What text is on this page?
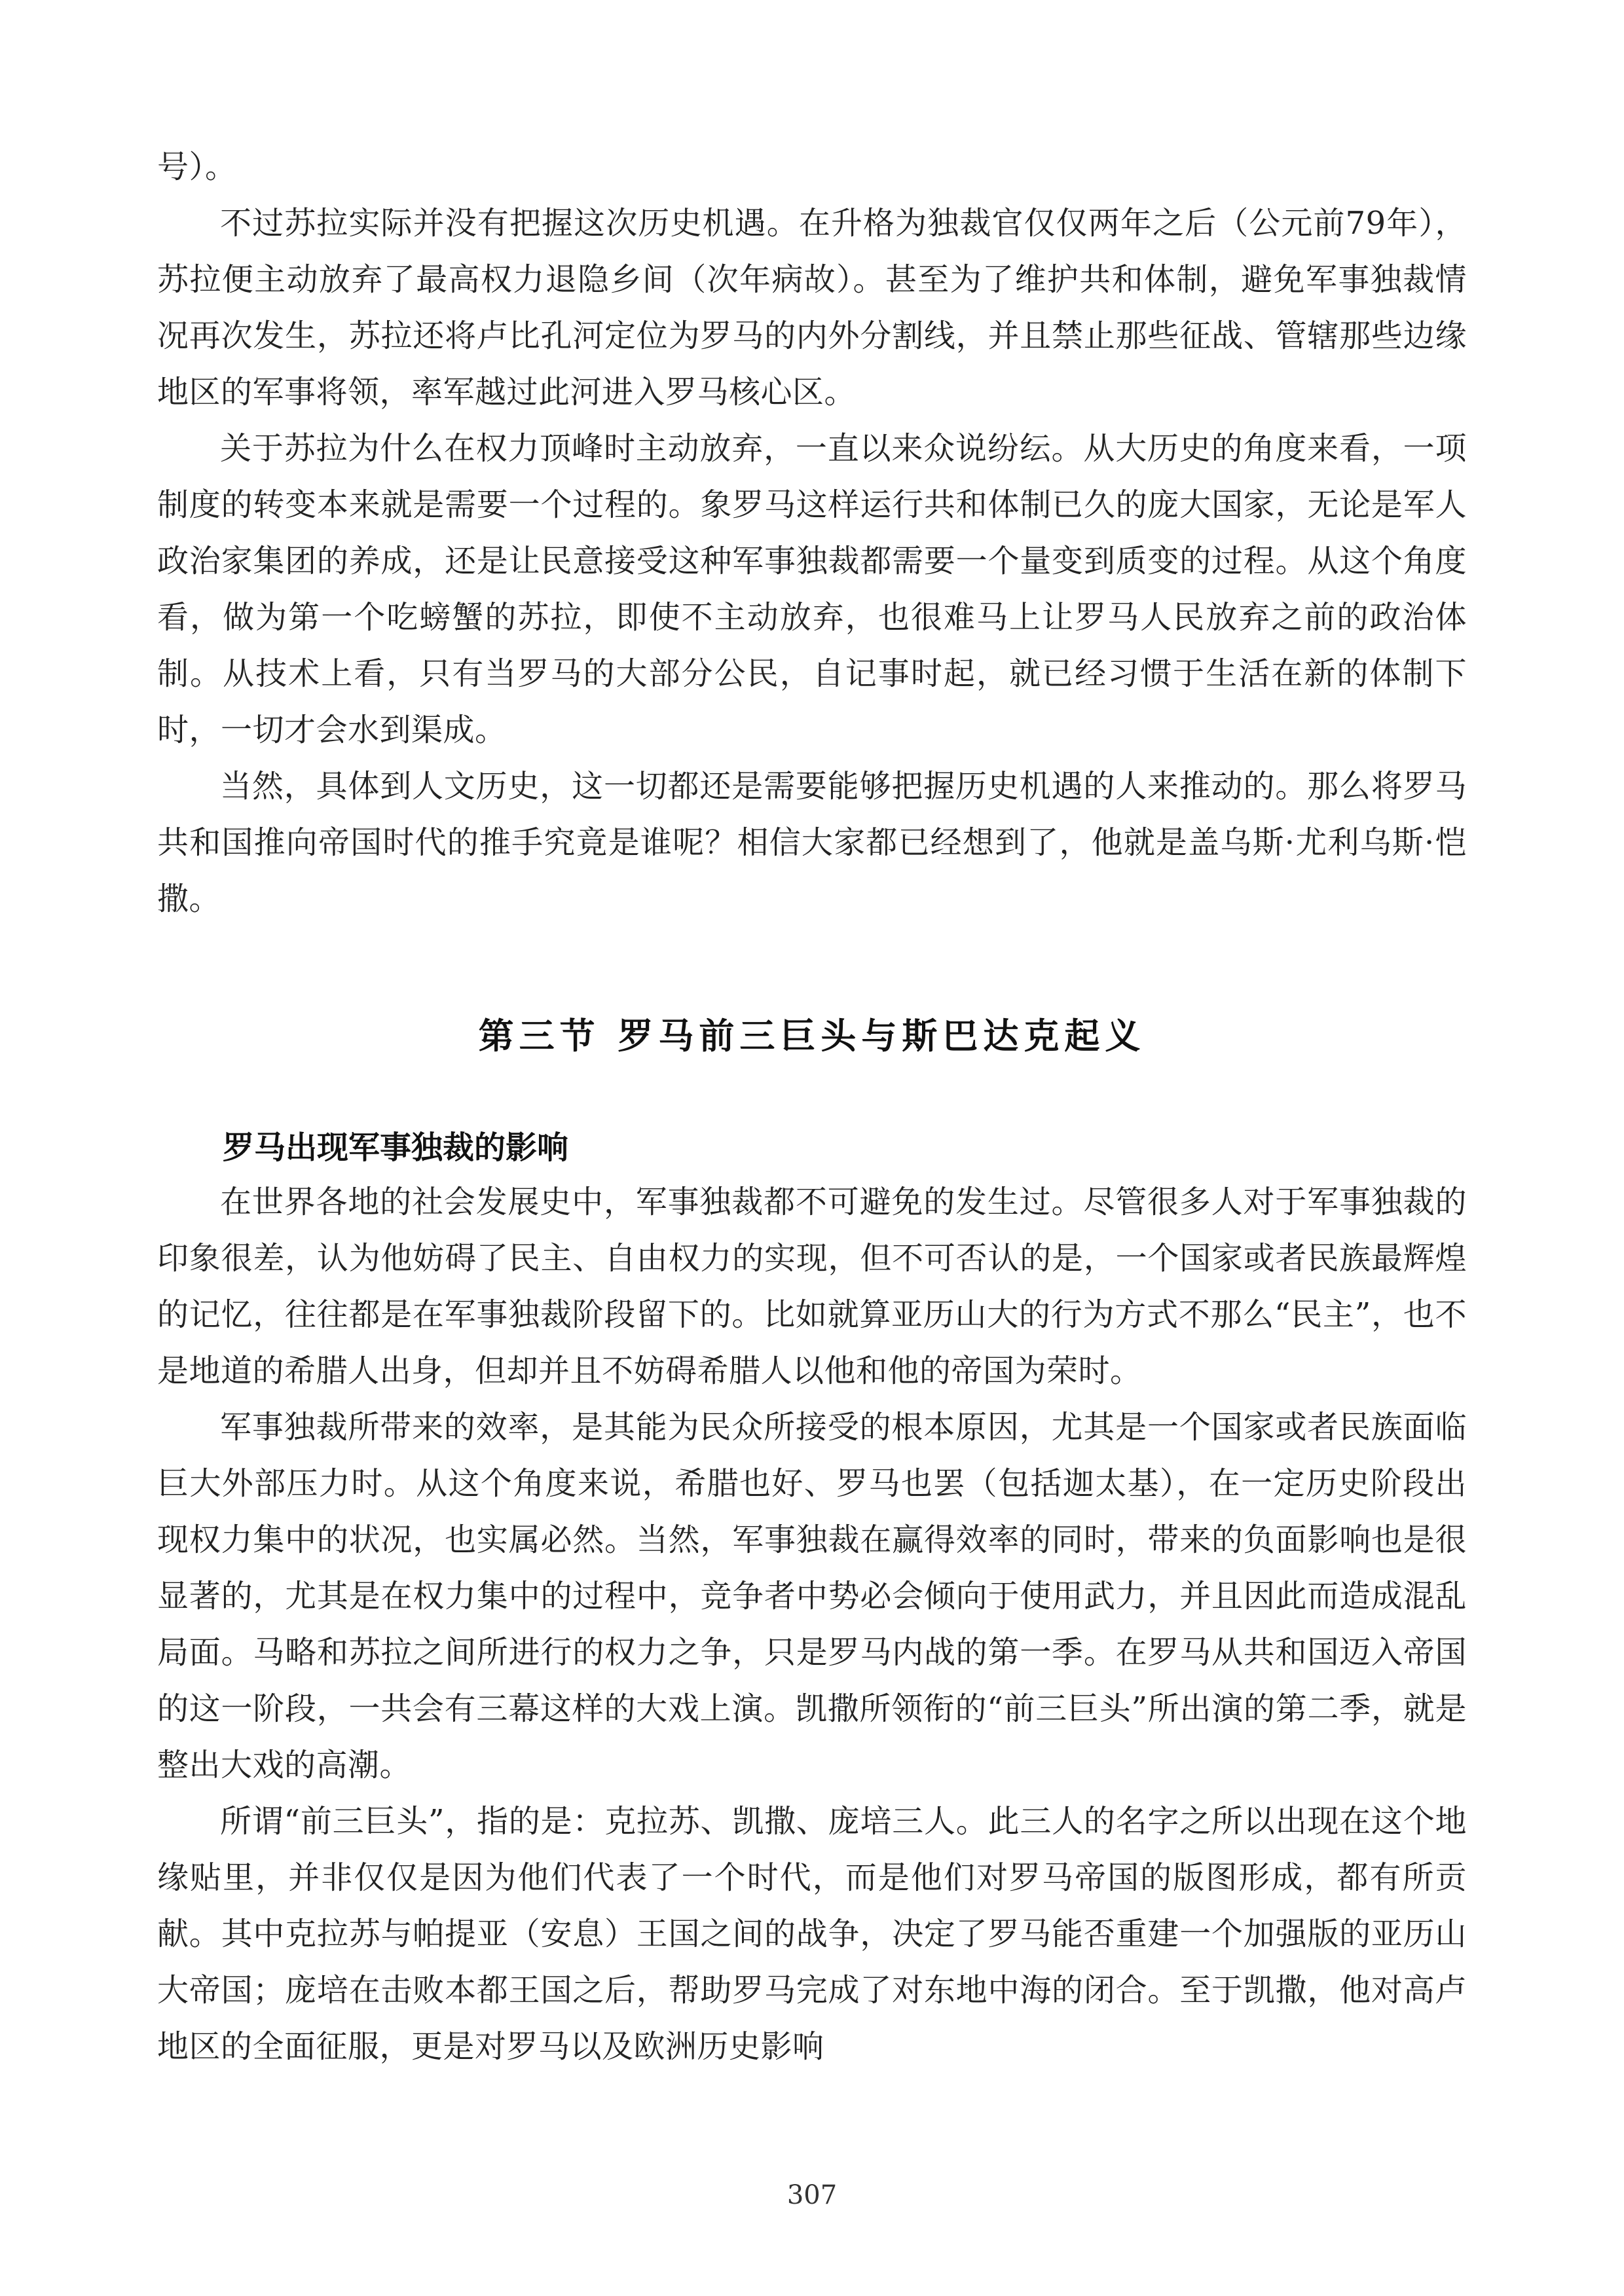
号）。

不过苏拉实际并没有把握这次历史机遇。在升格为独裁官仅仅两年之后（公元前79年），苏拉便主动放弃了最高权力退隐乡间（次年病故）。甚至为了维护共和体制，避免军事独裁情况再次发生，苏拉还将卢比孔河定位为罗马的内外分割线，并且禁止那些征战、管辖那些边缘地区的军事将领，率军越过此河进入罗马核心区。

关于苏拉为什么在权力顶峰时主动放弃，一直以来众说纷纭。从大历史的角度来看，一项制度的转变本来就是需要一个过程的。象罗马这样运行共和体制已久的庞大国家，无论是军人政治家集团的养成，还是让民意接受这种军事独裁都需要一个量变到质变的过程。从这个角度看，做为第一个吃螃蟹的苏拉，即使不主动放弃，也很难马上让罗马人民放弃之前的政治体制。从技术上看，只有当罗马的大部分公民，自记事时起，就已经习惯于生活在新的体制下时，一切才会水到渠成。

当然，具体到人文历史，这一切都还是需要能够把握历史机遇的人来推动的。那么将罗马共和国推向帝国时代的推手究竟是谁呢？相信大家都已经想到了，他就是盖乌斯·尤利乌斯·恺撒。

第三节 罗马前三巨头与斯巴达克起义
罗马出现军事独裁的影响

在世界各地的社会发展史中，军事独裁都不可避免的发生过。尽管很多人对于军事独裁的印象很差，认为他妨碍了民主、自由权力的实现，但不可否认的是，一个国家或者民族最辉煌的记忆，往往都是在军事独裁阶段留下的。比如就算亚历山大的行为方式不那么“民主”，也不是地道的希腊人出身，但却并且不妨碍希腊人以他和他的帝国为荣时。

军事独裁所带来的效率，是其能为民众所接受的根本原因，尤其是一个国家或者民族面临巨大外部压力时。从这个角度来说，希腊也好、罗马也罢（包括迦太基），在一定历史阶段出现权力集中的状况，也实属必然。当然，军事独裁在赢得效率的同时，带来的负面影响也是很显著的，尤其是在权力集中的过程中，竞争者中势必会倾向于使用武力，并且因此而造成混乱局面。马略和苏拉之间所进行的权力之争，只是罗马内战的第一季。在罗马从共和国迈入帝国的这一阶段，一共会有三幕这样的大戏上演。凯撒所领衔的“前三巨头”所出演的第二季，就是整出大戏的高潮。

所谓“前三巨头”，指的是：克拉苏、凯撒、庞培三人。此三人的名字之所以出现在这个地缘贴里，并非仅仅是因为他们代表了一个时代，而是他们对罗马帝国的版图形成，都有所贡献。其中克拉苏与帕提亚（安息）王国之间的战争，决定了罗马能否重建一个加强版的亚历山大帝国；庞培在击败本都王国之后，帮助罗马完成了对东地中海的闭合。至于凯撒，他对高卢地区的全面征服，更是对罗马以及欧洲历史影响

307
